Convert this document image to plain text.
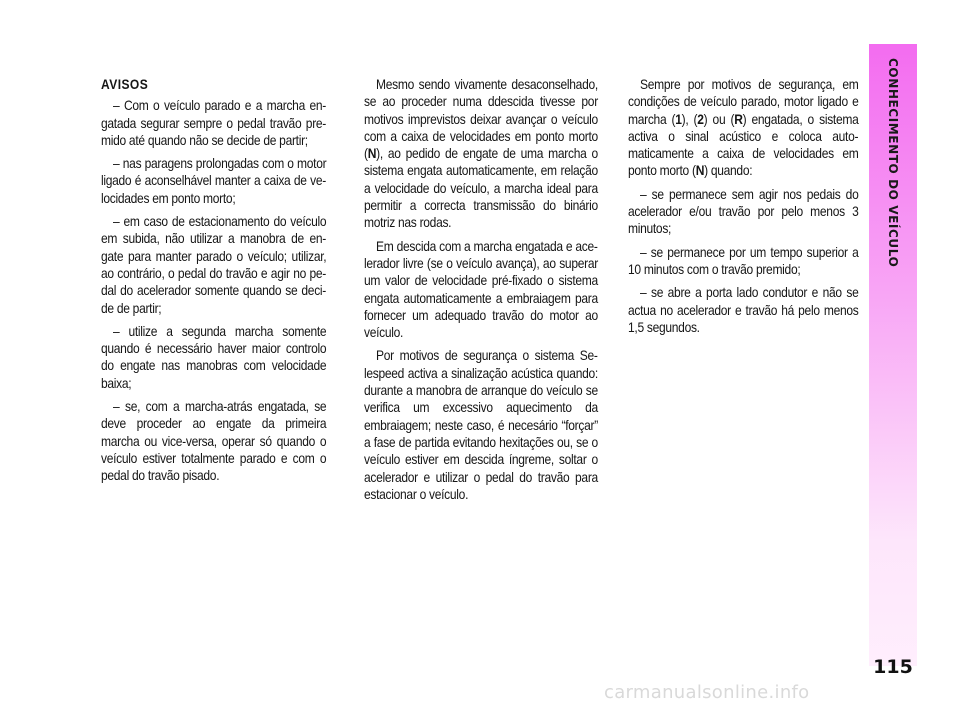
AVISOS

– Com o veículo parado e a marcha engatada segurar sempre o pedal travão premido até quando não se decide de partir;

– nas paragens prolongadas com o motor ligado é aconselhável manter a caixa de velocidades em ponto morto;

– em caso de estacionamento do veículo em subida, não utilizar a manobra de engate para manter parado o veículo; utilizar, ao contrário, o pedal do travão e agir no pedal do acelerador somente quando se decide de partir;

– utilize a segunda marcha somente quando é necessário haver maior controlo do engate nas manobras com velocidade baixa;

– se, com a marcha-atrás engatada, se deve proceder ao engate da primeira marcha ou vice-versa, operar só quando o veículo estiver totalmente parado e com o pedal do travão pisado.

Mesmo sendo vivamente desaconselhado, se ao proceder numa ddescida tivesse por motivos imprevistos deixar avançar o veículo com a caixa de velocidades em ponto morto (N), ao pedido de engate de uma marcha o sistema engata automaticamente, em relação a velocidade do veículo, a marcha ideal para permitir a correcta transmissão do binário motriz nas rodas.

Em descida com a marcha engatada e acelerador livre (se o veículo avança), ao superar um valor de velocidade pré-fixado o sistema engata automaticamente a embraiagem para fornecer um adequado travão do motor ao veículo.

Por motivos de segurança o sistema Selespeed activa a sinalização acústica quando: durante a manobra de arranque do veículo se verifica um excessivo aquecimento da embraiagem; neste caso, é necesário “forçar” a fase de partida evitando hexitações ou, se o veículo estiver em descida íngreme, soltar o acelerador e utilizar o pedal do travão para estacionar o veículo.

Sempre por motivos de segurança, em condições de veículo parado, motor ligado e marcha (1), (2) ou (R) engatada, o sistema activa o sinal acústico e coloca automaticamente a caixa de velocidades em ponto morto (N) quando:

– se permanece sem agir nos pedais do acelerador e/ou travão por pelo menos 3 minutos;

– se permanece por um tempo superior a 10 minutos com o travão premido;

– se abre a porta lado condutor e não se actua no acelerador e travão há pelo menos 1,5 segundos.

CONHECIMENTO DO VEÍCULO
115
carmanualsonline.info
